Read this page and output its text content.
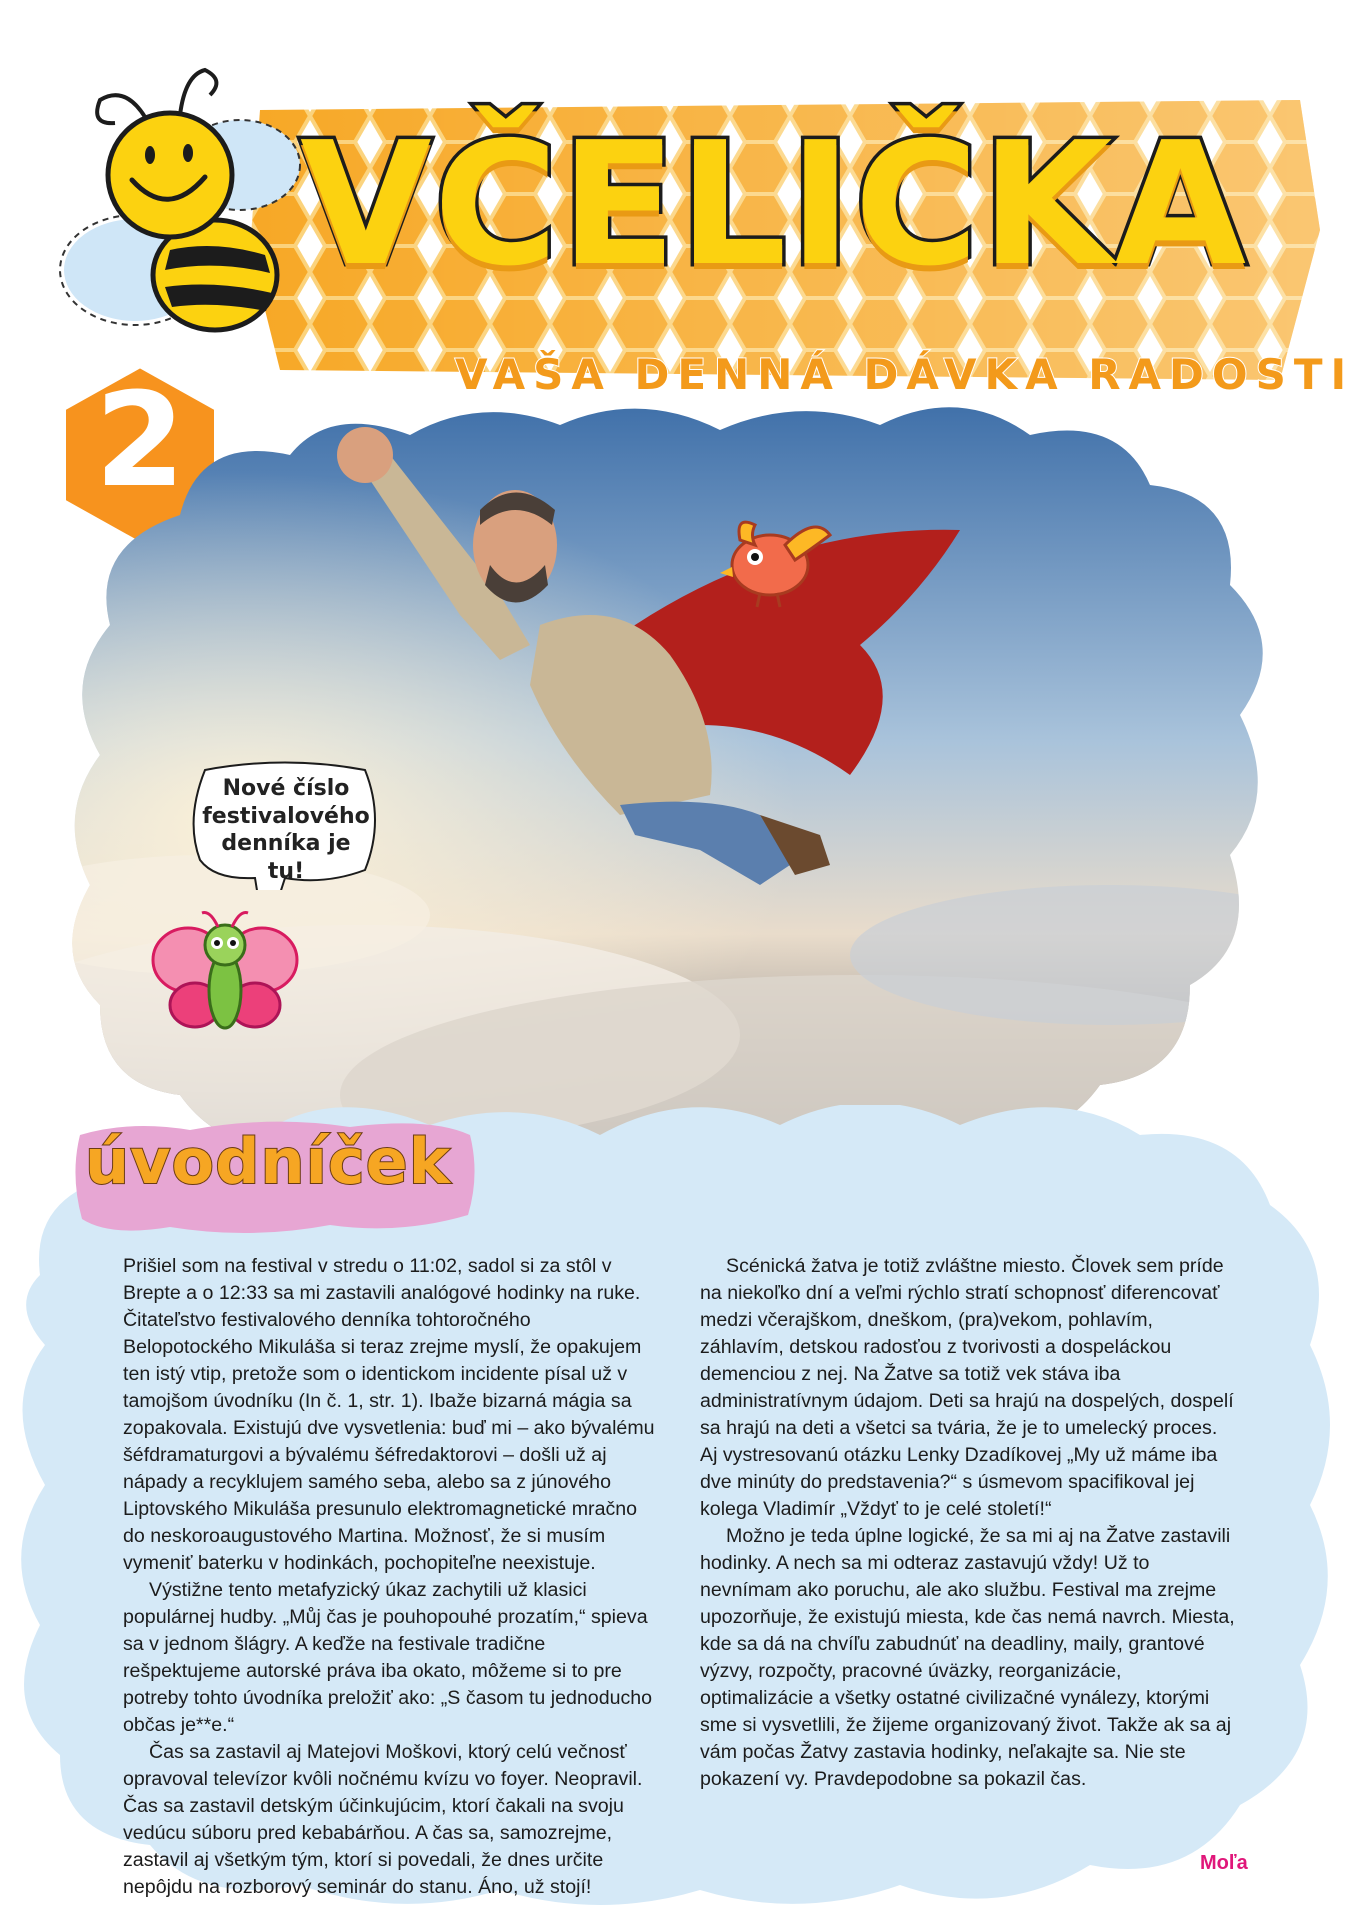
VČELIČKA
VAŠA DENNÁ DÁVKA RADOSTI
2
Nové číslo
festivalového
denníka je tu!
úvodníček

Prišiel som na festival v stredu o 11:02, sadol si za stôl v Brepte a o 12:33 sa mi zastavili analógové hodinky na ruke. Čitateľstvo festivalového denníka tohtoročného Belopotockého Mikuláša si teraz zrejme myslí, že opakujem ten istý vtip, pretože som o identickom incidente písal už v tamojšom úvodníku (In č. 1, str. 1). Ibaže bizarná mágia sa zopakovala. Existujú dve vysvetlenia: buď mi – ako bývalému šéfdramaturgovi a bývalému šéfredaktorovi – došli už aj nápady a recyklujem samého seba, alebo sa z júnového Liptovského Mikuláša presunulo elektromagnetické mračno do neskoroaugustového Martina. Možnosť, že si musím vymeniť baterku v hodinkách, pochopiteľne neexistuje.

Výstižne tento metafyzický úkaz zachytili už klasici populárnej hudby. „Můj čas je pouhopouhé prozatím,“ spieva sa v jednom šlágry. A keďže na festivale tradične rešpektujeme autorské práva iba okato, môžeme si to pre potreby tohto úvodníka preložiť ako: „S časom tu jednoducho občas je**e.“

Čas sa zastavil aj Matejovi Moškovi, ktorý celú večnosť opravoval televízor kvôli nočnému kvízu vo foyer. Neopravil. Čas sa zastavil detským účinkujúcim, ktorí čakali na svoju vedúcu súboru pred kebabárňou. A čas sa, samozrejme, zastavil aj všetkým tým, ktorí si povedali, že dnes určite nepôjdu na rozborový seminár do stanu. Áno, už stojí!

Scénická žatva je totiž zvláštne miesto. Človek sem príde na niekoľko dní a veľmi rýchlo stratí schopnosť diferencovať medzi včerajškom, dneškom, (pra)vekom, pohlavím, záhlavím, detskou radosťou z tvorivosti a dospeláckou demenciou z nej. Na Žatve sa totiž vek stáva iba administratívnym údajom. Deti sa hrajú na dospelých, dospelí sa hrajú na deti a všetci sa tvária, že je to umelecký proces. Aj vystresovanú otázku Lenky Dzadíkovej „My už máme iba dve minúty do predstavenia?“ s úsmevom spacifikoval jej kolega Vladimír „Vždyť to je celé století!“

Možno je teda úplne logické, že sa mi aj na Žatve zastavili hodinky. A nech sa mi odteraz zastavujú vždy! Už to nevnímam ako poruchu, ale ako službu. Festival ma zrejme upozorňuje, že existujú miesta, kde čas nemá navrch. Miesta, kde sa dá na chvíľu zabudnúť na deadliny, maily, grantové výzvy, rozpočty, pracovné úväzky, reorganizácie, optimalizácie a všetky ostatné civilizačné vynálezy, ktorými sme si vysvetlili, že žijeme organizovaný život. Takže ak sa aj vám počas Žatvy zastavia hodinky, neľakajte sa. Nie ste pokazení vy. Pravdepodobne sa pokazil čas.

Moľa
